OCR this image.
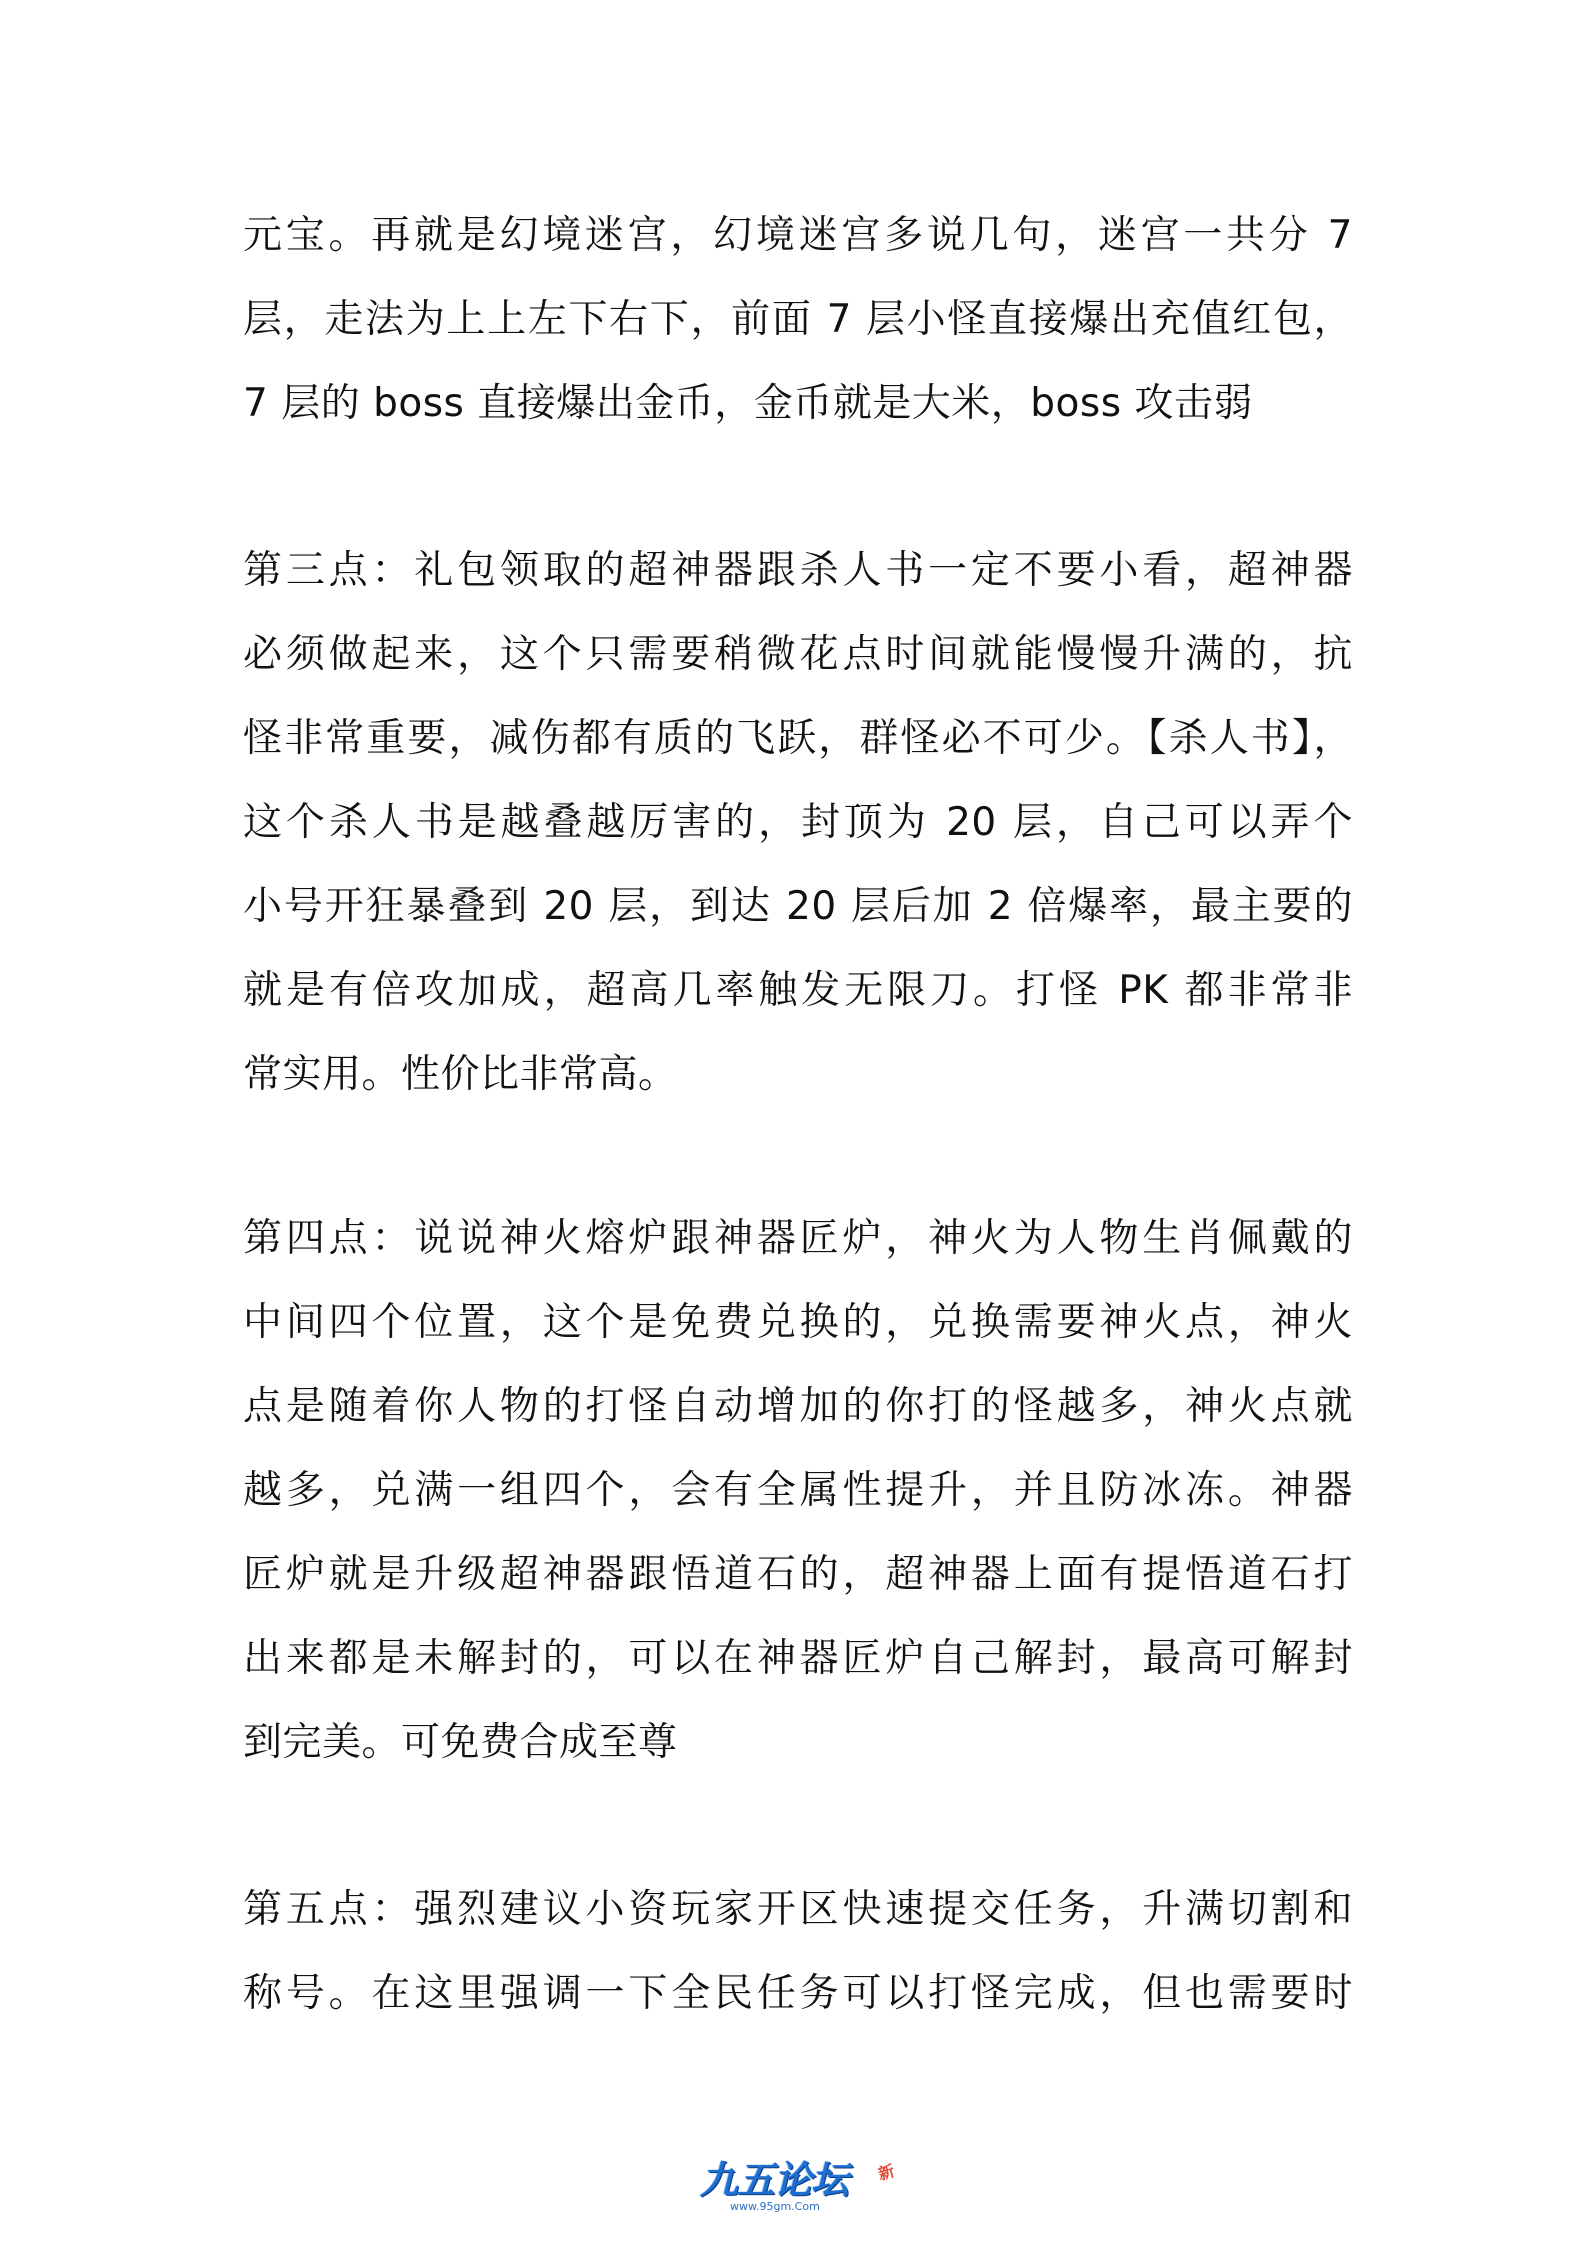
元宝。再就是幻境迷宫，幻境迷宫多说几句，迷宫一共分 7
层，走法为上上左下右下，前面 7 层小怪直接爆出充值红包，
7 层的 boss 直接爆出金币，金币就是大米，boss 攻击弱
第三点：礼包领取的超神器跟杀人书一定不要小看，超神器
必须做起来，这个只需要稍微花点时间就能慢慢升满的，抗
怪非常重要，减伤都有质的飞跃，群怪必不可少。【杀人书】，
这个杀人书是越叠越厉害的，封顶为 20 层，自己可以弄个
小号开狂暴叠到 20 层，到达 20 层后加 2 倍爆率，最主要的
就是有倍攻加成，超高几率触发无限刀。打怪 PK 都非常非
常实用。性价比非常高。
第四点：说说神火熔炉跟神器匠炉，神火为人物生肖佩戴的
中间四个位置，这个是免费兑换的，兑换需要神火点，神火
点是随着你人物的打怪自动增加的你打的怪越多，神火点就
越多，兑满一组四个，会有全属性提升，并且防冰冻。神器
匠炉就是升级超神器跟悟道石的，超神器上面有提悟道石打
出来都是未解封的，可以在神器匠炉自己解封，最高可解封
到完美。可免费合成至尊
第五点：强烈建议小资玩家开区快速提交任务，升满切割和
称号。在这里强调一下全民任务可以打怪完成，但也需要时
九五论坛 新
www.95gm.Com
